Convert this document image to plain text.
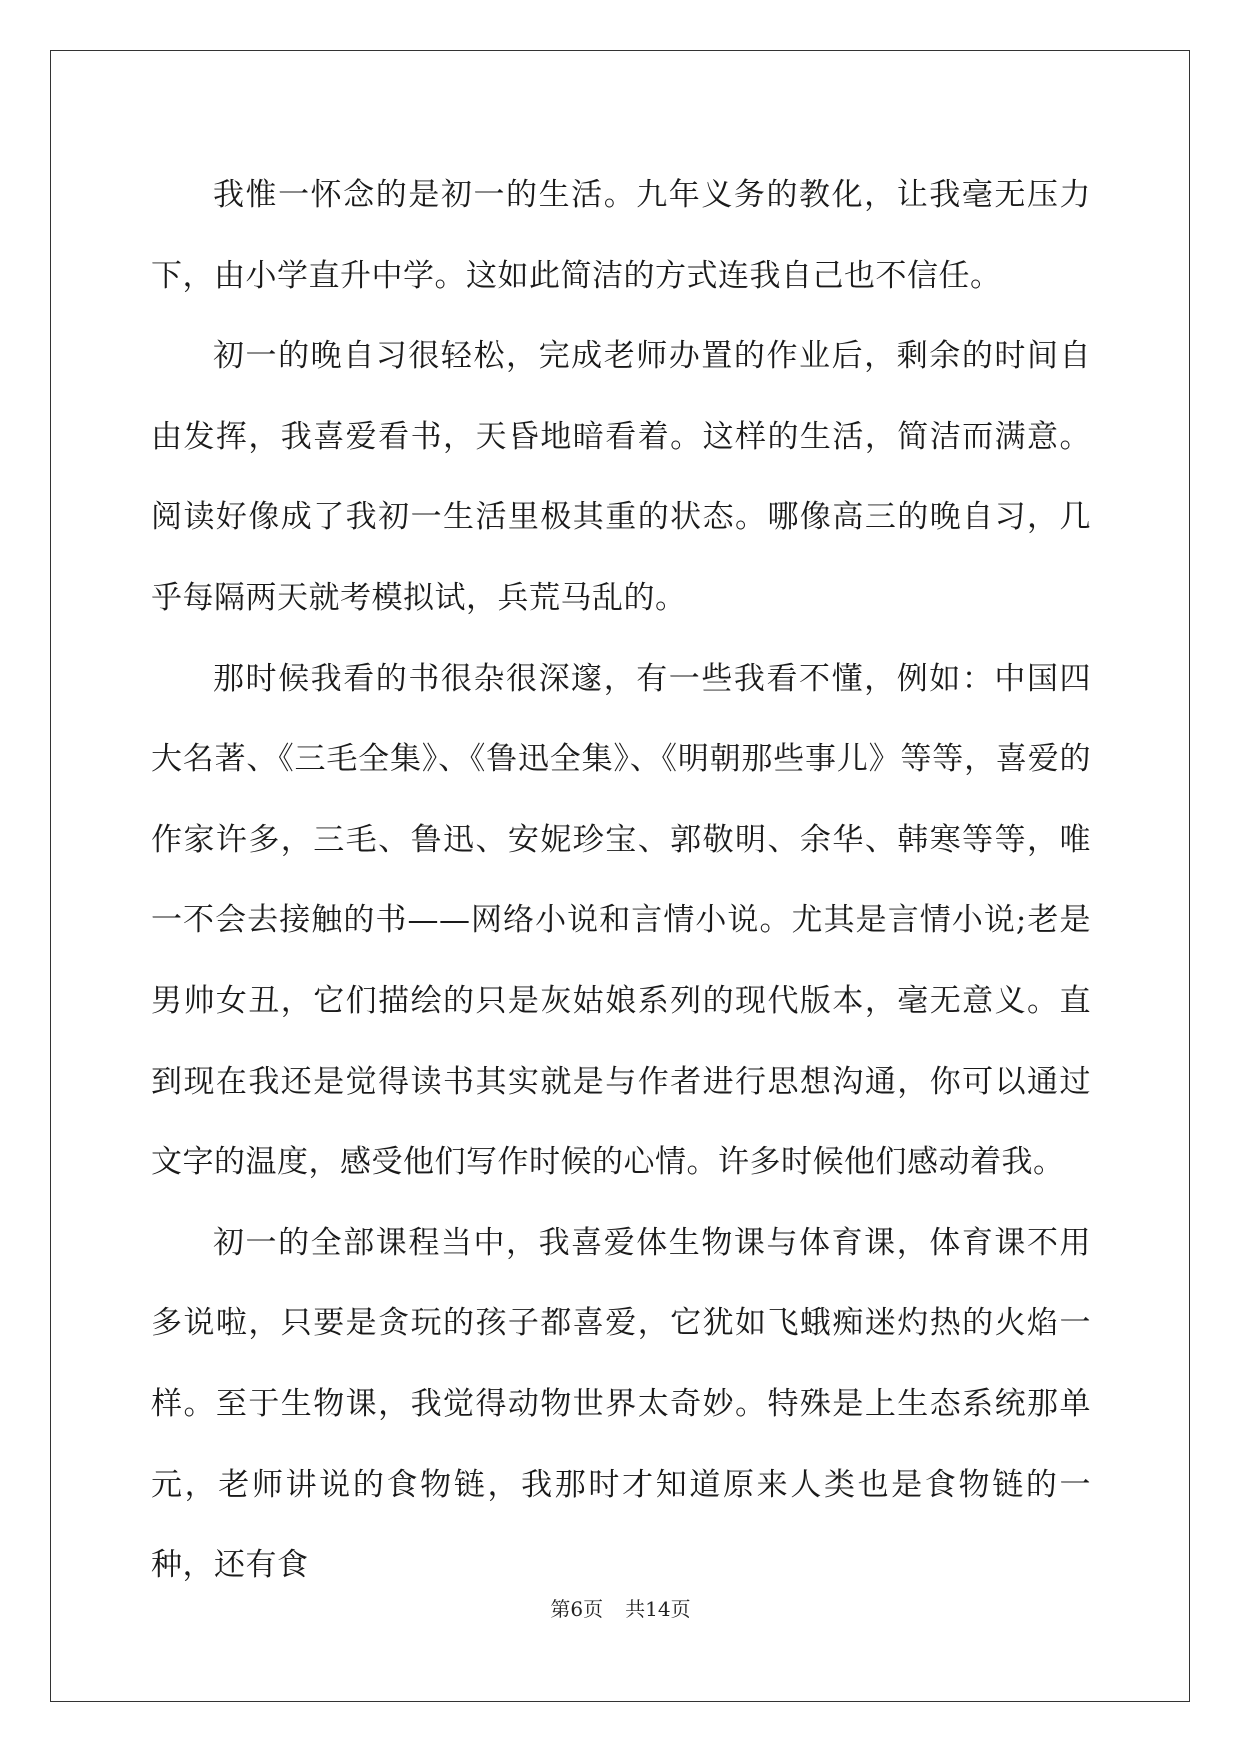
我惟一怀念的是初一的生活。九年义务的教化，让我毫无压力下，由小学直升中学。这如此简洁的方式连我自己也不信任。

初一的晚自习很轻松，完成老师办置的作业后，剩余的时间自由发挥，我喜爱看书，天昏地暗看着。这样的生活，简洁而满意。阅读好像成了我初一生活里极其重的状态。哪像高三的晚自习，几乎每隔两天就考模拟试，兵荒马乱的。

那时候我看的书很杂很深邃，有一些我看不懂，例如：中国四大名著、《三毛全集》、《鲁迅全集》、《明朝那些事儿》等等，喜爱的作家许多，三毛、鲁迅、安妮珍宝、郭敬明、余华、韩寒等等，唯一不会去接触的书——网络小说和言情小说。尤其是言情小说;老是男帅女丑，它们描绘的只是灰姑娘系列的现代版本，毫无意义。直到现在我还是觉得读书其实就是与作者进行思想沟通，你可以通过文字的温度，感受他们写作时候的心情。许多时候他们感动着我。

初一的全部课程当中，我喜爱体生物课与体育课，体育课不用多说啦，只要是贪玩的孩子都喜爱，它犹如飞蛾痴迷灼热的火焰一样。至于生物课，我觉得动物世界太奇妙。特殊是上生态系统那单元，老师讲说的食物链，我那时才知道原来人类也是食物链的一种，还有食

第6页 共14页
